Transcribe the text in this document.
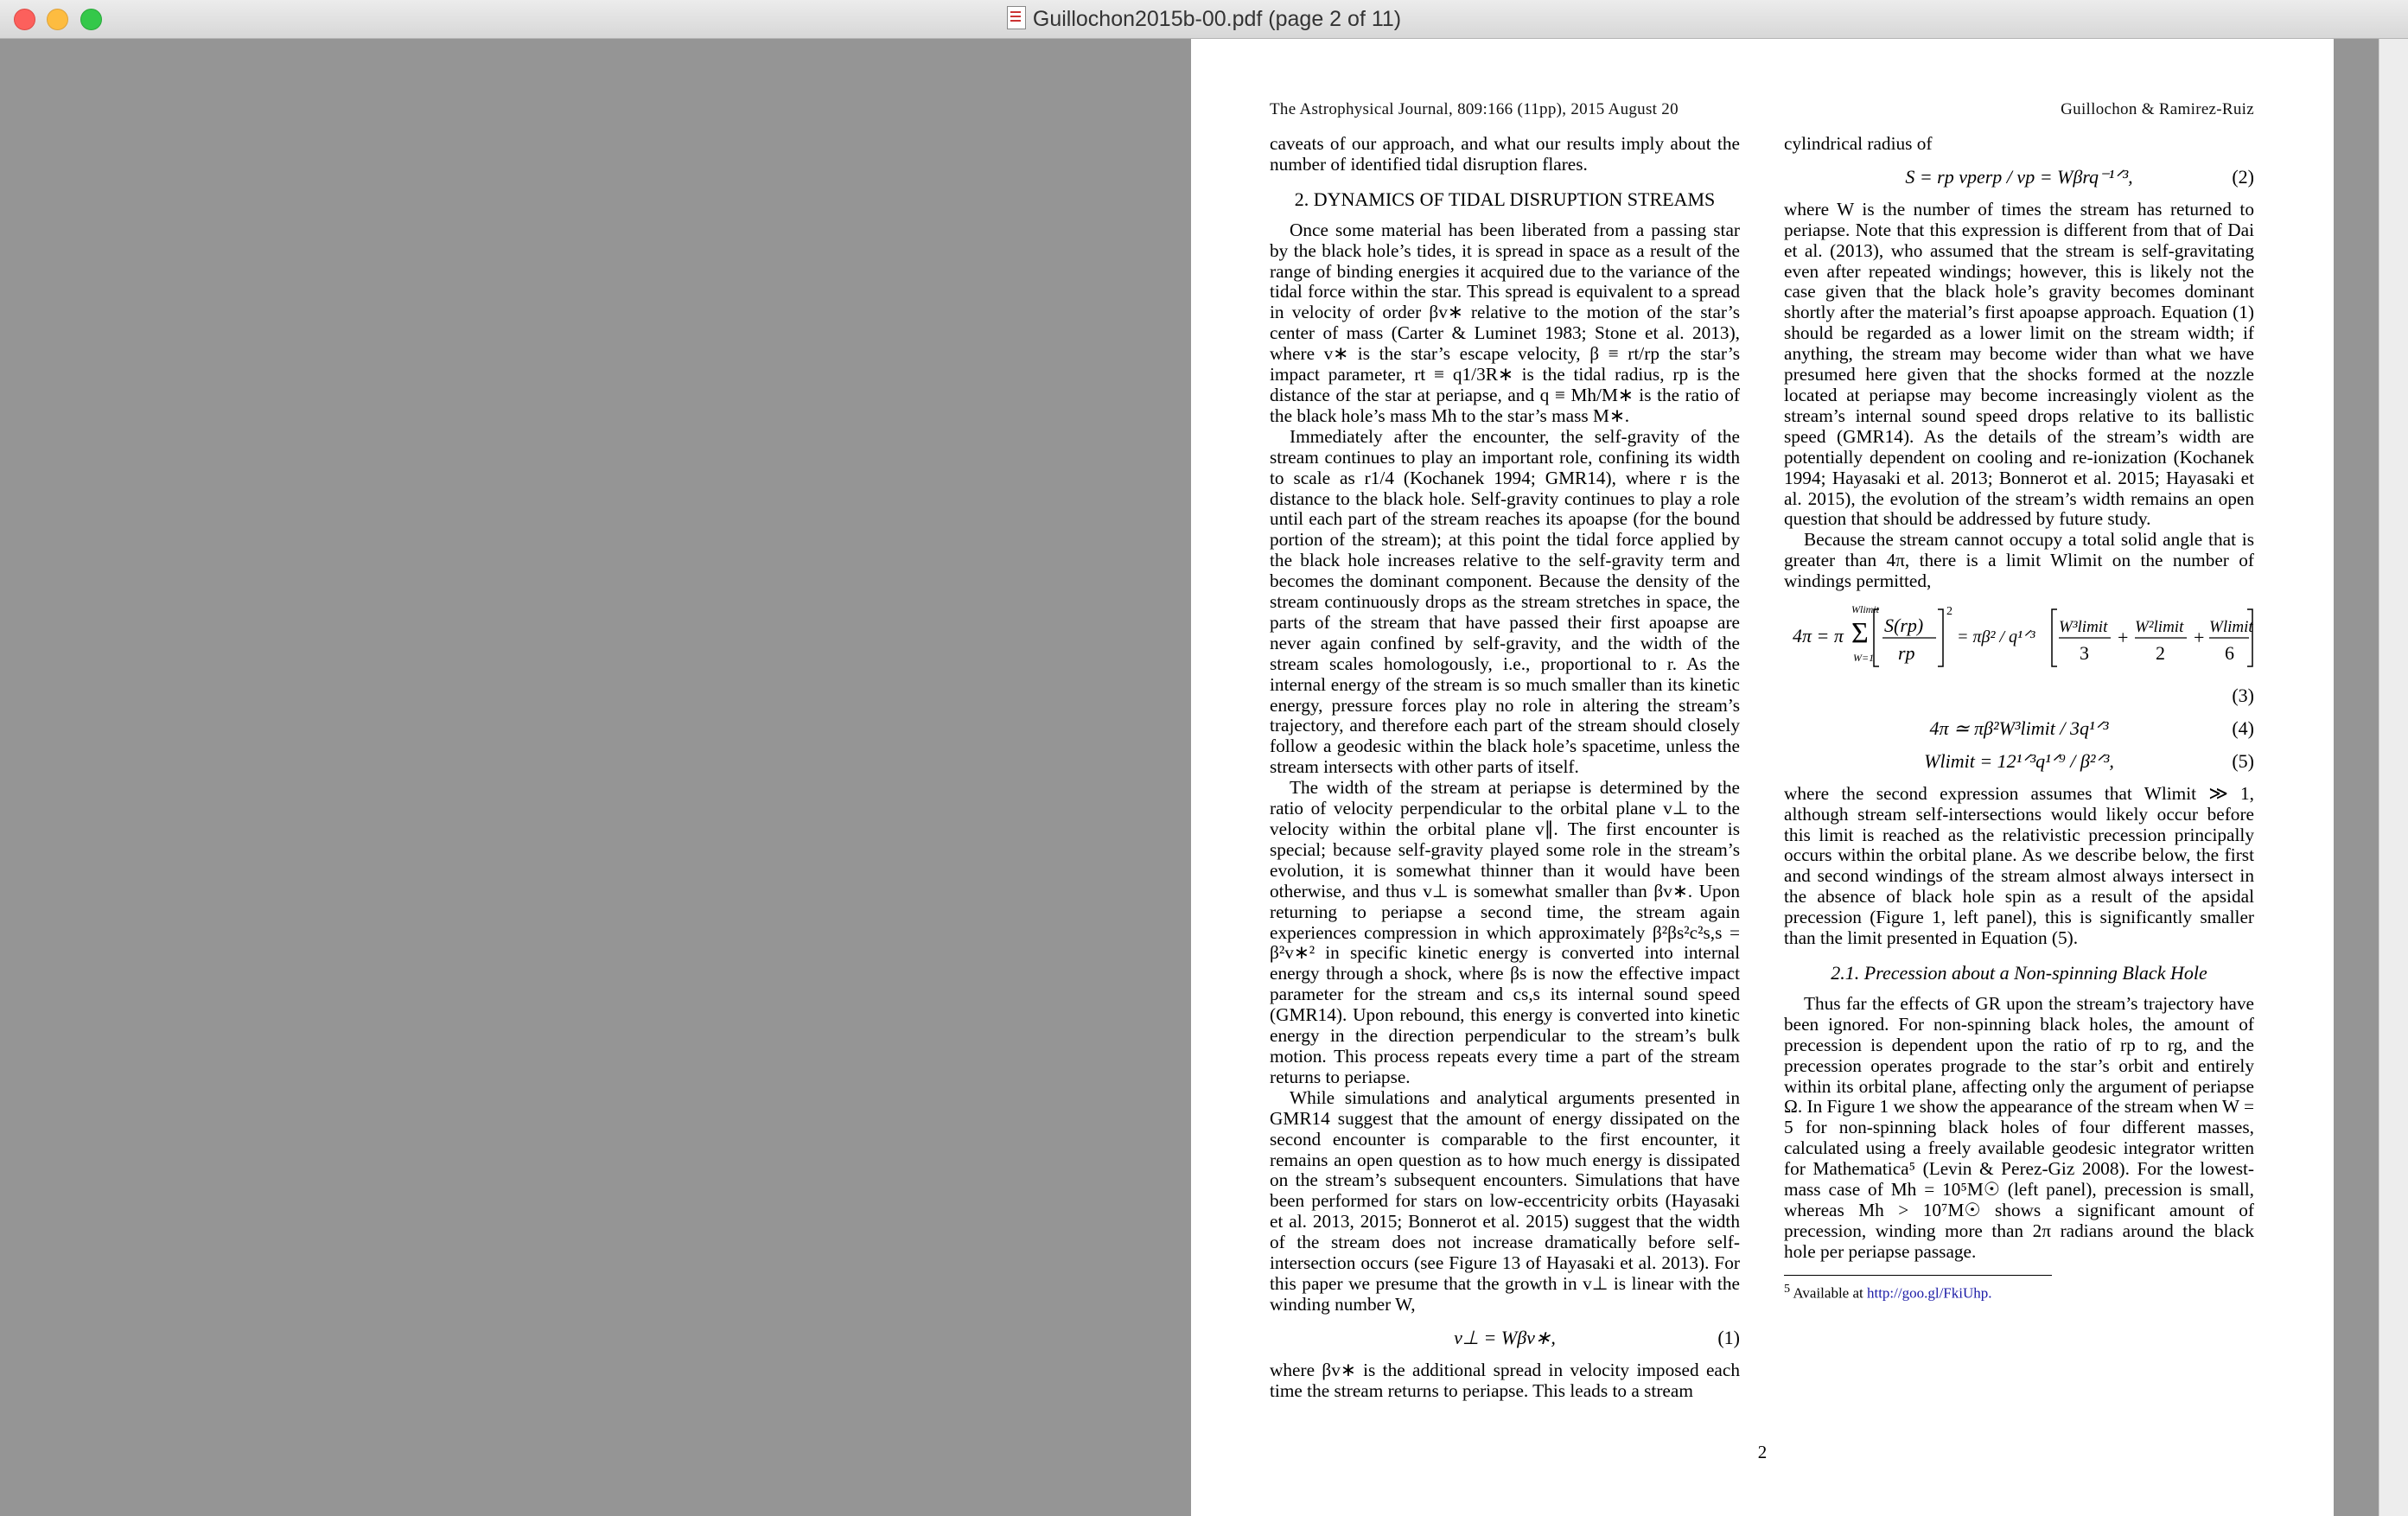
Guillochon2015b-00.pdf (page 2 of 11)
The Astrophysical Journal, 809:166 (11pp), 2015 August 20	Guillochon & Ramirez-Ruiz

caveats of our approach, and what our results imply about the number of identified tidal disruption flares.

2. DYNAMICS OF TIDAL DISRUPTION STREAMS

Once some material has been liberated from a passing star by the black hole’s tides, it is spread in space as a result of the range of binding energies it acquired due to the variance of the tidal force within the star. This spread is equivalent to a spread in velocity of order βv∗ relative to the motion of the star’s center of mass (Carter & Luminet 1983; Stone et al. 2013), where v∗ is the star’s escape velocity, β ≡ rt/rp the star’s impact parameter, rt ≡ q1/3R∗ is the tidal radius, rp is the distance of the star at periapse, and q ≡ Mh/M∗ is the ratio of the black hole’s mass Mh to the star’s mass M∗.

Immediately after the encounter, the self-gravity of the stream continues to play an important role, confining its width to scale as r1/4 (Kochanek 1994; GMR14), where r is the distance to the black hole. Self-gravity continues to play a role until each part of the stream reaches its apoapse (for the bound portion of the stream); at this point the tidal force applied by the black hole increases relative to the self-gravity term and becomes the dominant component. Because the density of the stream continuously drops as the stream stretches in space, the parts of the stream that have passed their first apoapse are never again confined by self-gravity, and the width of the stream scales homologously, i.e., proportional to r. As the internal energy of the stream is so much smaller than its kinetic energy, pressure forces play no role in altering the stream’s trajectory, and therefore each part of the stream should closely follow a geodesic within the black hole’s spacetime, unless the stream intersects with other parts of itself.

The width of the stream at periapse is determined by the ratio of velocity perpendicular to the orbital plane v⊥ to the velocity within the orbital plane v∥. The first encounter is special; because self-gravity played some role in the stream’s evolution, it is somewhat thinner than it would have been otherwise, and thus v⊥ is somewhat smaller than βv∗. Upon returning to periapse a second time, the stream again experiences compression in which approximately β²βs²c²s,s = β²v∗² in specific kinetic energy is converted into internal energy through a shock, where βs is now the effective impact parameter for the stream and cs,s its internal sound speed (GMR14). Upon rebound, this energy is converted into kinetic energy in the direction perpendicular to the stream’s bulk motion. This process repeats every time a part of the stream returns to periapse.

While simulations and analytical arguments presented in GMR14 suggest that the amount of energy dissipated on the second encounter is comparable to the first encounter, it remains an open question as to how much energy is dissipated on the stream’s subsequent encounters. Simulations that have been performed for stars on low-eccentricity orbits (Hayasaki et al. 2013, 2015; Bonnerot et al. 2015) suggest that the width of the stream does not increase dramatically before self-intersection occurs (see Figure 13 of Hayasaki et al. 2013). For this paper we presume that the growth in v⊥ is linear with the winding number W,

v⊥ = Wβv∗,	(1)

where βv∗ is the additional spread in velocity imposed each time the stream returns to periapse. This leads to a stream

cylindrical radius of

S = rp vperp / vp = Wβrq⁻¹ᐟ³,	(2)

where W is the number of times the stream has returned to periapse. Note that this expression is different from that of Dai et al. (2013), who assumed that the stream is self-gravitating even after repeated windings; however, this is likely not the case given that the black hole’s gravity becomes dominant shortly after the material’s first apoapse approach. Equation (1) should be regarded as a lower limit on the stream width; if anything, the stream may become wider than what we have presumed here given that the shocks formed at the nozzle located at periapse may become increasingly violent as the stream’s internal sound speed drops relative to its ballistic speed (GMR14). As the details of the stream’s width are potentially dependent on cooling and re-ionization (Kochanek 1994; Hayasaki et al. 2013; Bonnerot et al. 2015; Hayasaki et al. 2015), the evolution of the stream’s width remains an open question that should be addressed by future study.

Because the stream cannot occupy a total solid angle that is greater than 4π, there is a limit Wlimit on the number of windings permitted,

4π = π Σ
Wlimit
W=1
S(rp)
rp
2
= πβ² / q¹ᐟ³
W³limit
3
+ W²limit
2
+ Wlimit
6
(3)
4π ≃ πβ²W³limit / 3q¹ᐟ³	(4)
Wlimit = 12¹ᐟ³q¹ᐟ⁹ / β²ᐟ³,	(5)

where the second expression assumes that Wlimit ≫ 1, although stream self-intersections would likely occur before this limit is reached as the relativistic precession principally occurs within the orbital plane. As we describe below, the first and second windings of the stream almost always intersect in the absence of black hole spin as a result of the apsidal precession (Figure 1, left panel), this is significantly smaller than the limit presented in Equation (5).

2.1. Precession about a Non-spinning Black Hole

Thus far the effects of GR upon the stream’s trajectory have been ignored. For non-spinning black holes, the amount of precession is dependent upon the ratio of rp to rg, and the precession operates prograde to the star’s orbit and entirely within its orbital plane, affecting only the argument of periapse Ω. In Figure 1 we show the appearance of the stream when W = 5 for non-spinning black holes of four different masses, calculated using a freely available geodesic integrator written for Mathematica⁵ (Levin & Perez-Giz 2008). For the lowest-mass case of Mh = 10⁵M☉ (left panel), precession is small, whereas Mh > 10⁷M☉ shows a significant amount of precession, winding more than 2π radians around the black hole per periapse passage.

$^5$ Available at http://goo.gl/FkiUhp.
2
